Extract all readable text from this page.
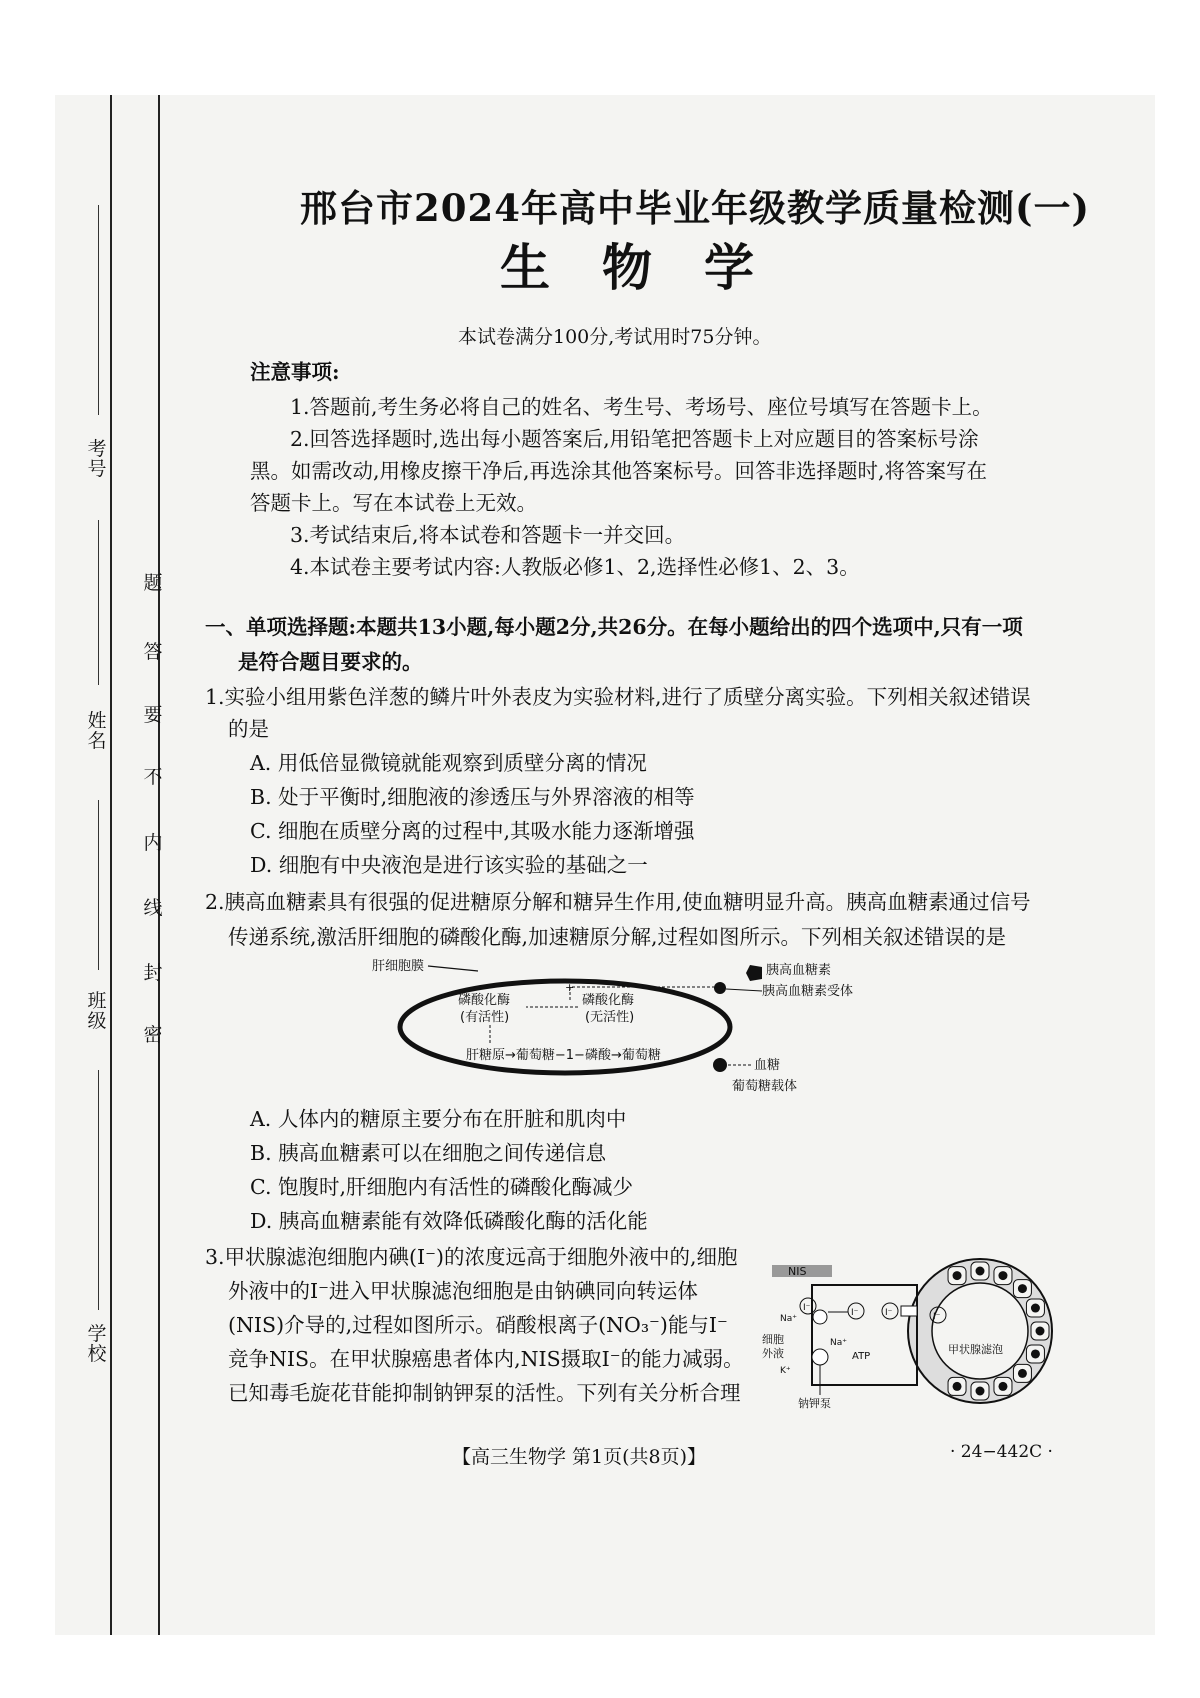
考号
姓名
班级
学校
题
答
要
不
内
线
封
密
邢台市2024年高中毕业年级教学质量检测(一)
生物学
本试卷满分100分,考试用时75分钟。
注意事项:
1.答题前,考生务必将自己的姓名、考生号、考场号、座位号填写在答题卡上。
2.回答选择题时,选出每小题答案后,用铅笔把答题卡上对应题目的答案标号涂
黑。如需改动,用橡皮擦干净后,再选涂其他答案标号。回答非选择题时,将答案写在
答题卡上。写在本试卷上无效。
3.考试结束后,将本试卷和答题卡一并交回。
4.本试卷主要考试内容:人教版必修1、2,选择性必修1、2、3。
一、单项选择题:本题共13小题,每小题2分,共26分。在每小题给出的四个选项中,只有一项
是符合题目要求的。
1.实验小组用紫色洋葱的鳞片叶外表皮为实验材料,进行了质壁分离实验。下列相关叙述错误
的是
A. 用低倍显微镜就能观察到质壁分离的情况
B. 处于平衡时,细胞液的渗透压与外界溶液的相等
C. 细胞在质壁分离的过程中,其吸水能力逐渐增强
D. 细胞有中央液泡是进行该实验的基础之一
2.胰高血糖素具有很强的促进糖原分解和糖异生作用,使血糖明显升高。胰高血糖素通过信号
传递系统,激活肝细胞的磷酸化酶,加速糖原分解,过程如图所示。下列相关叙述错误的是
肝细胞膜	胰高血糖素
胰高血糖素受体
+
磷酸化酶
(无活性)
磷酸化酶
(有活性)
肝糖原→葡萄糖−1−磷酸→葡萄糖
血糖
葡萄糖载体
A. 人体内的糖原主要分布在肝脏和肌肉中
B. 胰高血糖素可以在细胞之间传递信息
C. 饱腹时,肝细胞内有活性的磷酸化酶减少
D. 胰高血糖素能有效降低磷酸化酶的活化能
3.甲状腺滤泡细胞内碘(I⁻)的浓度远高于细胞外液中的,细胞
外液中的I⁻进入甲状腺滤泡细胞是由钠碘同向转运体
(NIS)介导的,过程如图所示。硝酸根离子(NO₃⁻)能与I⁻
竞争NIS。在甲状腺癌患者体内,NIS摄取I⁻的能力减弱。
已知毒毛旋花苷能抑制钠钾泵的活性。下列有关分析合理
甲状腺滤泡
NIS
I⁻
Na⁺
I⁻	I⁻	I⁻
细胞
外液
K⁺
Na⁺
ATP
钠钾泵
【高三生物学 第1页(共8页)】	· 24−442C ·
